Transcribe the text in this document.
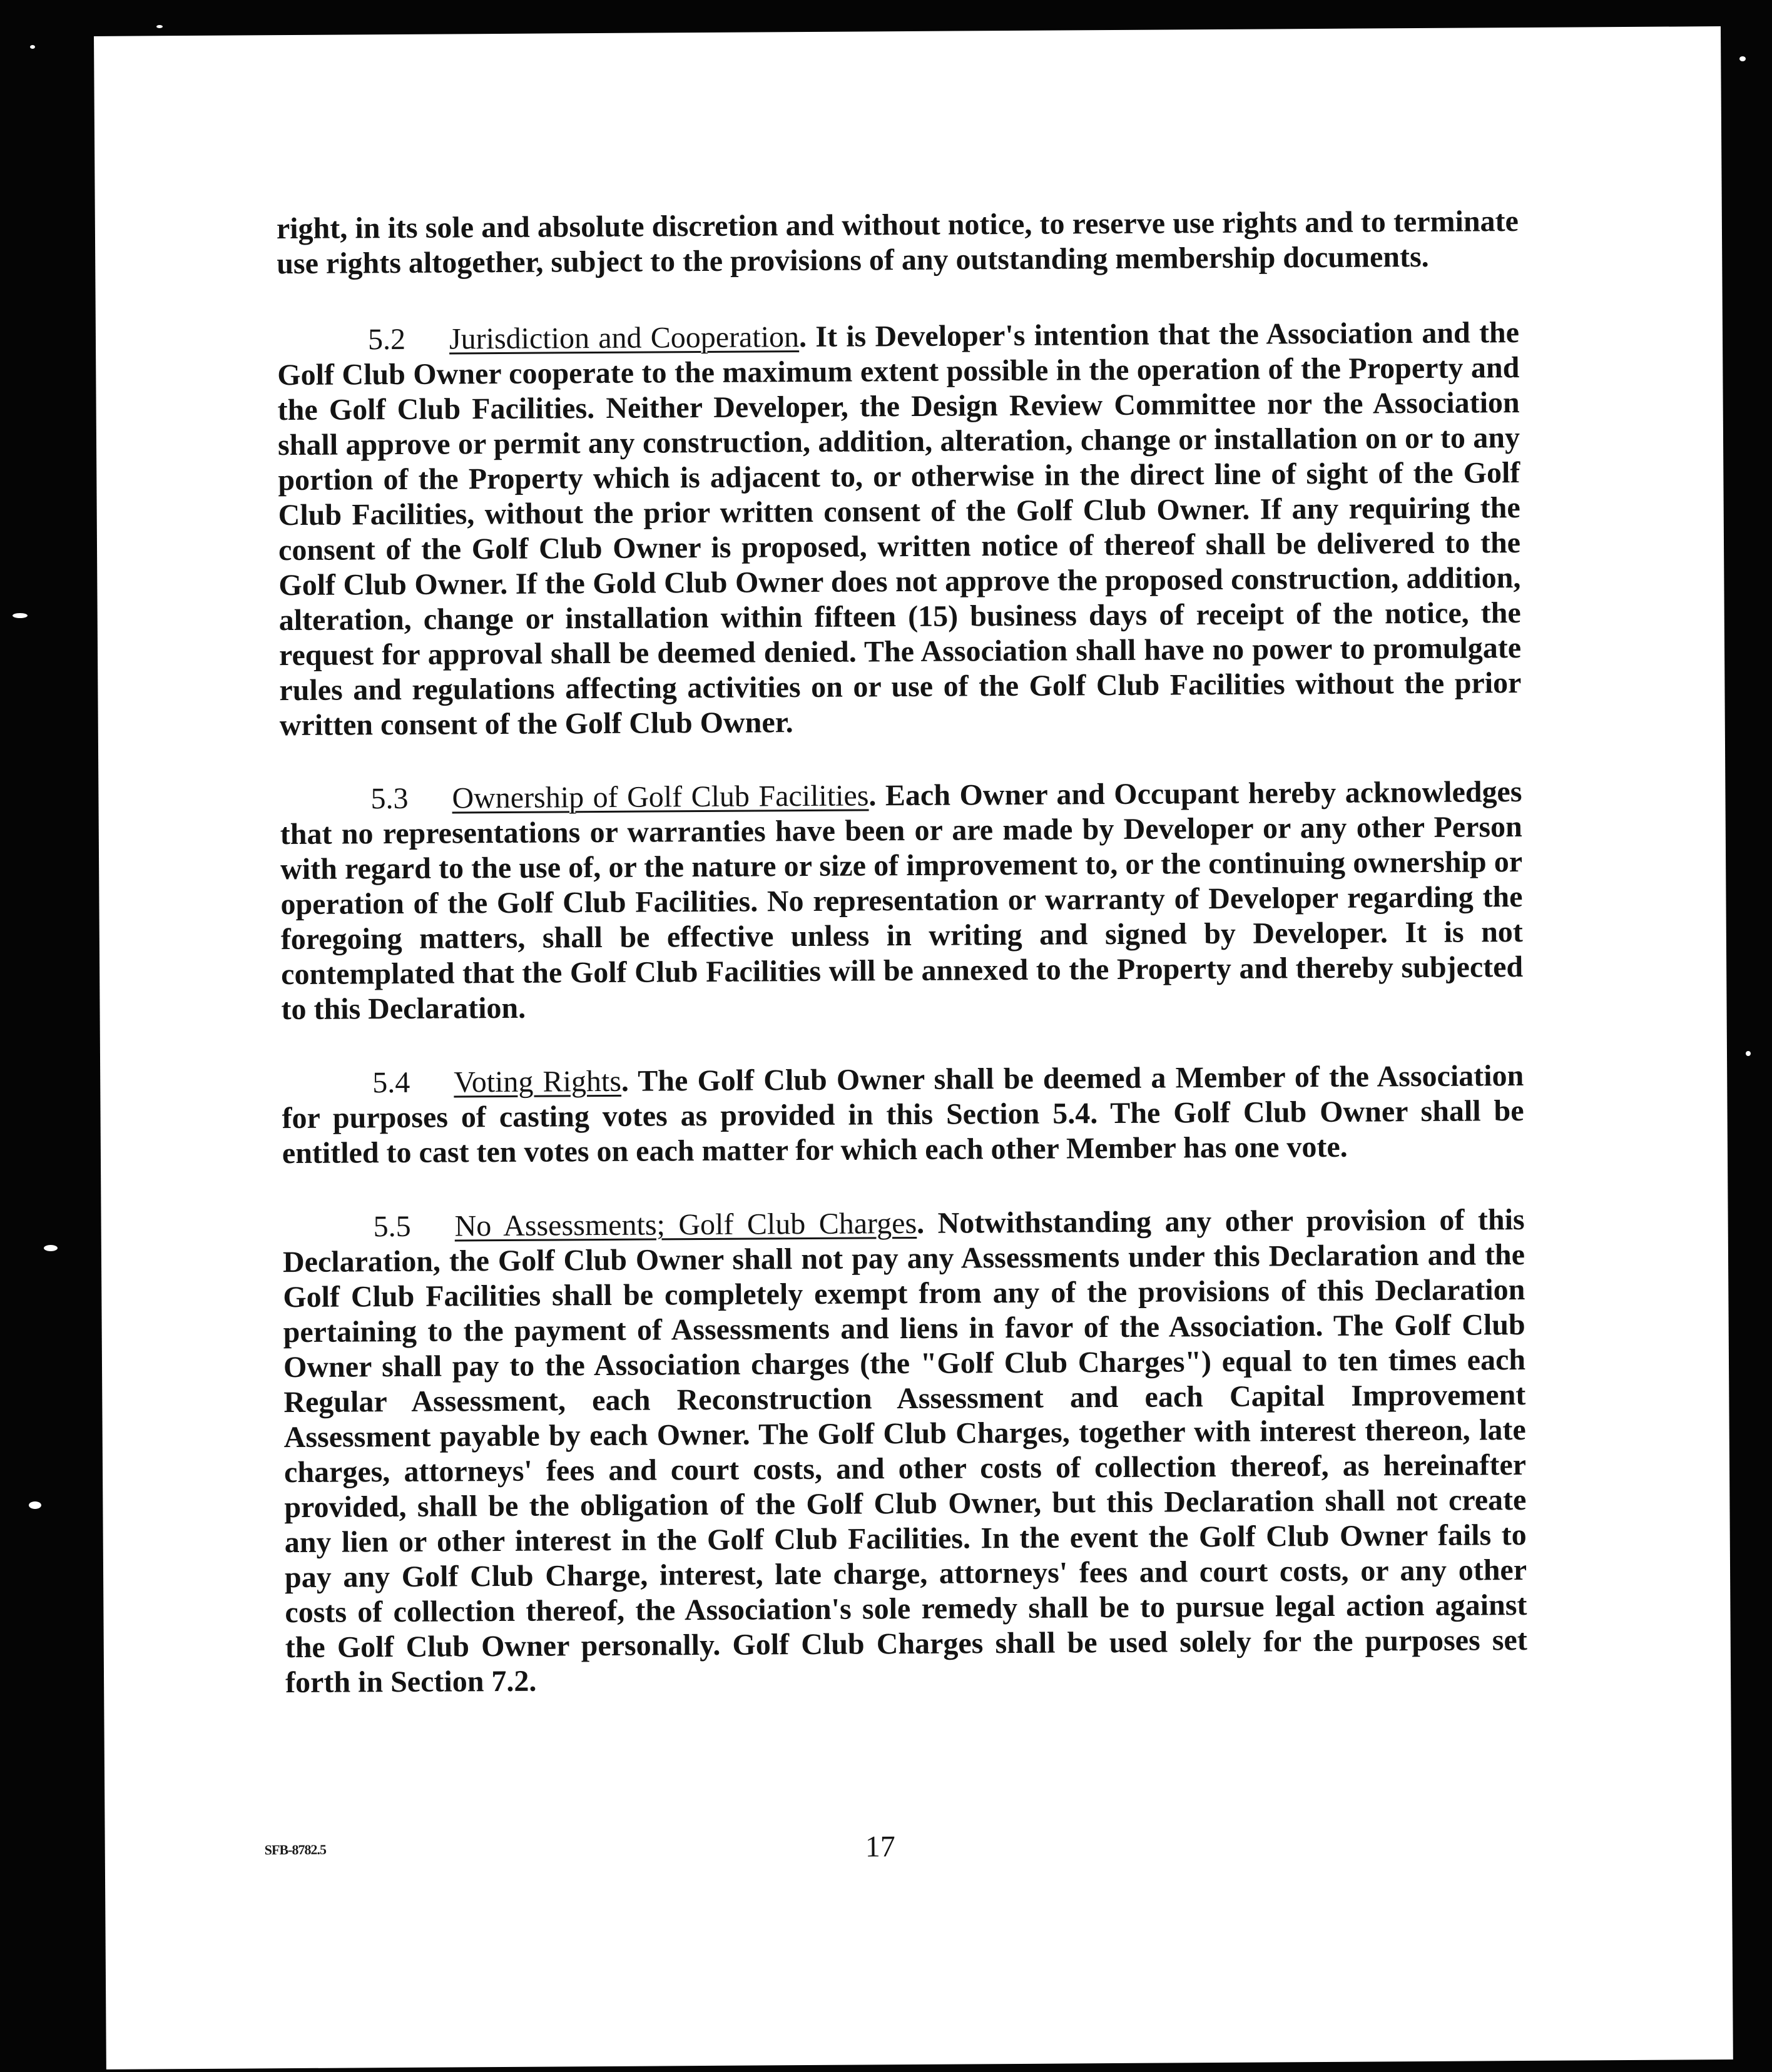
right, in its sole and absolute discretion and without notice, to reserve use rights and to terminate use rights altogether, subject to the provisions of any outstanding membership documents.

5.2 Jurisdiction and Cooperation. It is Developer's intention that the Association and the Golf Club Owner cooperate to the maximum extent possible in the operation of the Property and the Golf Club Facilities. Neither Developer, the Design Review Committee nor the Association shall approve or permit any construction, addition, alteration, change or installation on or to any portion of the Property which is adjacent to, or otherwise in the direct line of sight of the Golf Club Facilities, without the prior written consent of the Golf Club Owner. If any requiring the consent of the Golf Club Owner is proposed, written notice of thereof shall be delivered to the Golf Club Owner. If the Gold Club Owner does not approve the proposed construction, addition, alteration, change or installation within fifteen (15) business days of receipt of the notice, the request for approval shall be deemed denied. The Association shall have no power to promulgate rules and regulations affecting activities on or use of the Golf Club Facilities without the prior written consent of the Golf Club Owner.

5.3 Ownership of Golf Club Facilities. Each Owner and Occupant hereby acknowledges that no representations or warranties have been or are made by Developer or any other Person with regard to the use of, or the nature or size of improvement to, or the continuing ownership or operation of the Golf Club Facilities. No representation or warranty of Developer regarding the foregoing matters, shall be effective unless in writing and signed by Developer. It is not contemplated that the Golf Club Facilities will be annexed to the Property and thereby subjected to this Declaration.

5.4 Voting Rights. The Golf Club Owner shall be deemed a Member of the Association for purposes of casting votes as provided in this Section 5.4. The Golf Club Owner shall be entitled to cast ten votes on each matter for which each other Member has one vote.

5.5 No Assessments; Golf Club Charges. Notwithstanding any other provision of this Declaration, the Golf Club Owner shall not pay any Assessments under this Declaration and the Golf Club Facilities shall be completely exempt from any of the provisions of this Declaration pertaining to the payment of Assessments and liens in favor of the Association. The Golf Club Owner shall pay to the Association charges (the "Golf Club Charges") equal to ten times each Regular Assessment, each Reconstruction Assessment and each Capital Improvement Assessment payable by each Owner. The Golf Club Charges, together with interest thereon, late charges, attorneys' fees and court costs, and other costs of collection thereof, as hereinafter provided, shall be the obligation of the Golf Club Owner, but this Declaration shall not create any lien or other interest in the Golf Club Facilities. In the event the Golf Club Owner fails to pay any Golf Club Charge, interest, late charge, attorneys' fees and court costs, or any other costs of collection thereof, the Association's sole remedy shall be to pursue legal action against the Golf Club Owner personally. Golf Club Charges shall be used solely for the purposes set forth in Section 7.2.

SFB-8782.5	17
